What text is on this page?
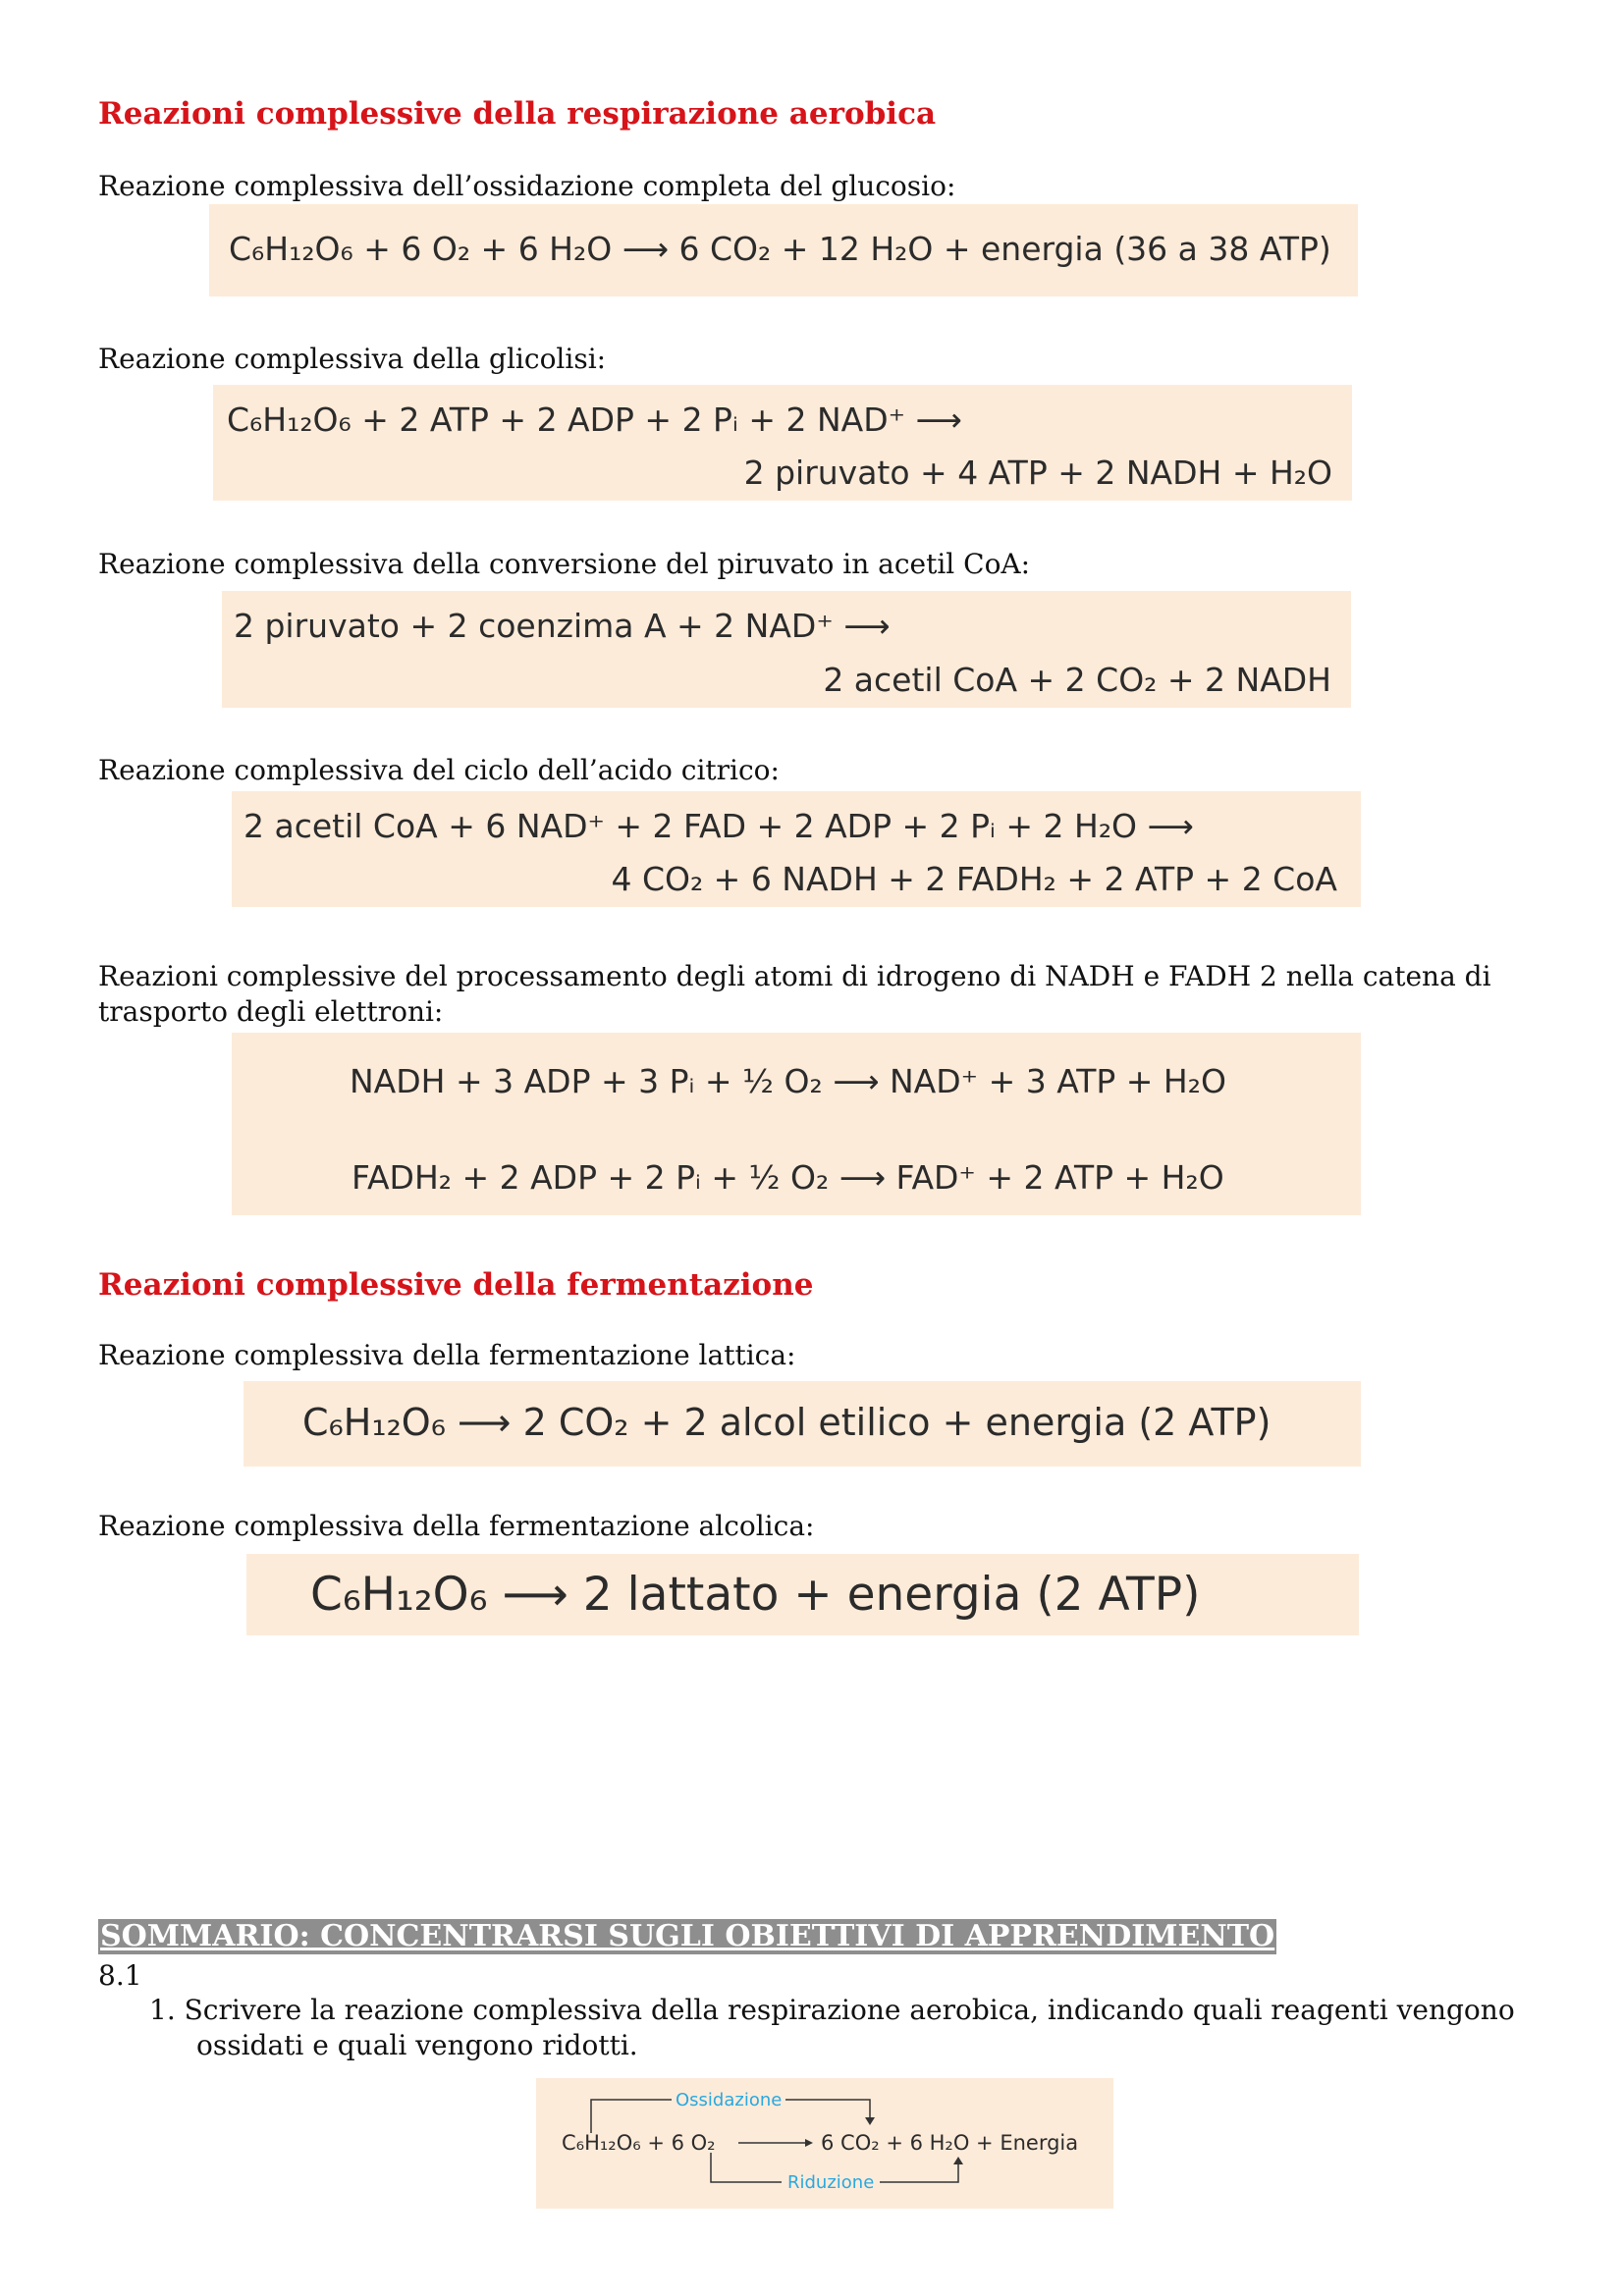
Reazioni complessive della respirazione aerobica
Reazione complessiva dell’ossidazione completa del glucosio:
C₆H₁₂O₆ + 6 O₂ + 6 H₂O ⟶ 6 CO₂ + 12 H₂O + energia (36 a 38 ATP)
Reazione complessiva della glicolisi:
C₆H₁₂O₆ + 2 ATP + 2 ADP + 2 Pᵢ + 2 NAD⁺ ⟶
2 piruvato + 4 ATP + 2 NADH + H₂O
Reazione complessiva della conversione del piruvato in acetil CoA:
2 piruvato + 2 coenzima A + 2 NAD⁺ ⟶
2 acetil CoA + 2 CO₂ + 2 NADH
Reazione complessiva del ciclo dell’acido citrico:
2 acetil CoA + 6 NAD⁺ + 2 FAD + 2 ADP + 2 Pᵢ + 2 H₂O ⟶
4 CO₂ + 6 NADH + 2 FADH₂ + 2 ATP + 2 CoA
Reazioni complessive del processamento degli atomi di idrogeno di NADH e FADH 2 nella catena di
trasporto degli elettroni:
NADH + 3 ADP + 3 Pᵢ + ½ O₂ ⟶ NAD⁺ + 3 ATP + H₂O
FADH₂ + 2 ADP + 2 Pᵢ + ½ O₂ ⟶ FAD⁺ + 2 ATP + H₂O
Reazioni complessive della fermentazione
Reazione complessiva della fermentazione lattica:
C₆H₁₂O₆ ⟶ 2 CO₂ + 2 alcol etilico + energia (2 ATP)
Reazione complessiva della fermentazione alcolica:
C₆H₁₂O₆ ⟶ 2 lattato + energia (2 ATP)
SOMMARIO: CONCENTRARSI SUGLI OBIETTIVI DI APPRENDIMENTO
8.1
1. Scrivere la reazione complessiva della respirazione aerobica, indicando quali reagenti vengono
ossidati e quali vengono ridotti.
Ossidazione
C₆H₁₂O₆ + 6 O₂	6 CO₂ + 6 H₂O + Energia
Riduzione
